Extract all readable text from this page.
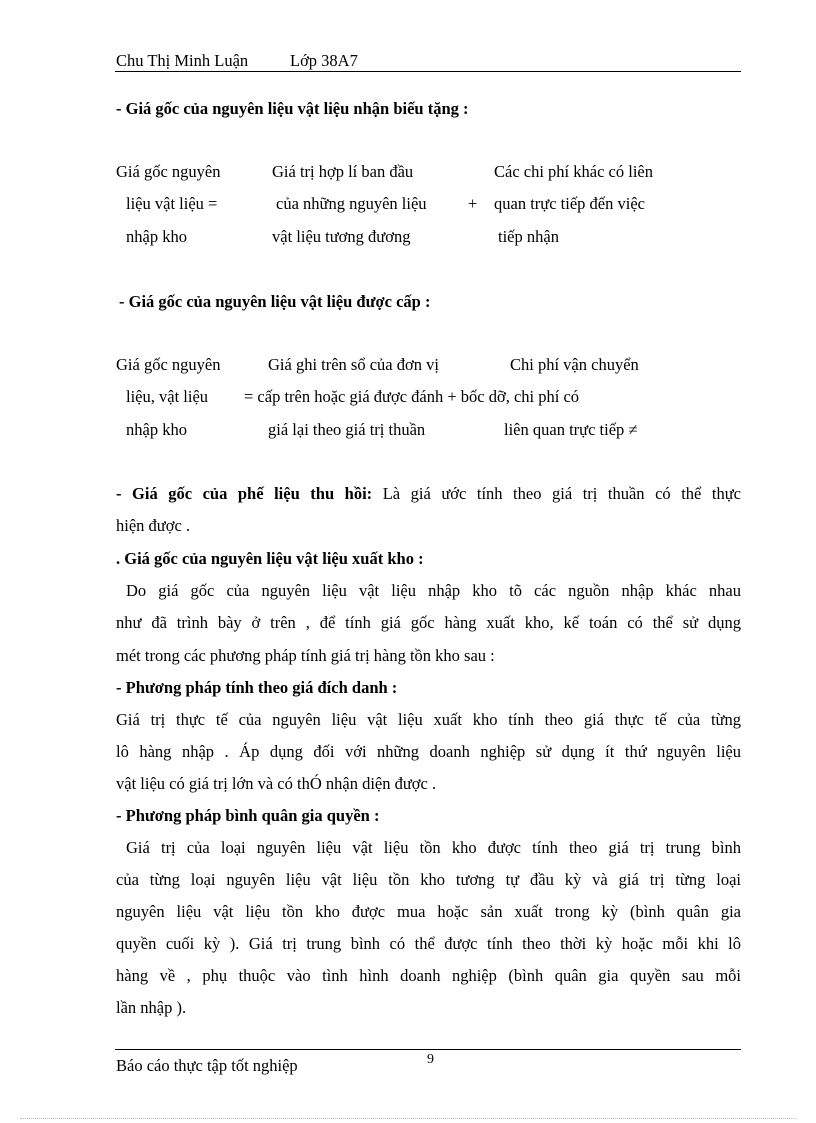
Chu Thị Minh Luận	Lớp 38A7
- Giá gốc của nguyên liệu vật liệu nhận biếu tặng :
Giá gốc nguyên
liệu vật liệu =
nhập kho
Giá trị hợp lí ban đầu
của những nguyên liệu
vật liệu tương đương
+
Các chi phí khác có liên
quan trực tiếp đến việc
tiếp nhận
- Giá gốc của nguyên liệu vật liệu được cấp :
Giá gốc nguyên
liệu, vật liệu
nhập kho
Giá ghi trên sổ của đơn vị
= cấp trên hoặc giá được đánh + bốc dỡ, chi phí có
giá lại theo giá trị thuần
Chi phí vận chuyển
liên quan trực tiếp ≠
- Giá gốc của phế liệu thu hồi: Là giá ước tính theo giá trị thuần có thể thực
hiện được .
. Giá gốc của nguyên liệu vật liệu xuất kho :
Do giá gốc của nguyên liệu vật liệu nhập kho tõ các nguồn nhập khác nhau
như đã trình bày ở trên , để tính giá gốc hàng xuất kho, kế toán có thể sử dụng
mét trong các phương pháp tính giá trị hàng tồn kho sau :
- Phương pháp tính theo giá đích danh :
Giá trị thực tế của nguyên liệu vật liệu xuất kho tính theo giá thực tế của từng
lô hàng nhập . Áp dụng đối với những doanh nghiệp sử dụng ít thứ nguyên liệu
vật liệu có giá trị lớn và có thÓ nhận diện được .
- Phương pháp bình quân gia quyền :
Giá trị của loại nguyên liệu vật liệu tồn kho được tính theo giá trị trung bình
của từng loại nguyên liệu vật liệu tồn kho tương tự đầu kỳ và giá trị từng loại
nguyên liệu vật liệu tồn kho được mua hoặc sản xuất trong kỳ (bình quân gia
quyền cuối kỳ ). Giá trị trung bình có thể được tính theo thời kỳ hoặc mỗi khi lô
hàng về , phụ thuộc vào tình hình doanh nghiệp (bình quân gia quyền sau mỗi
lần nhập ).
9
Báo cáo thực tập tốt nghiệp
